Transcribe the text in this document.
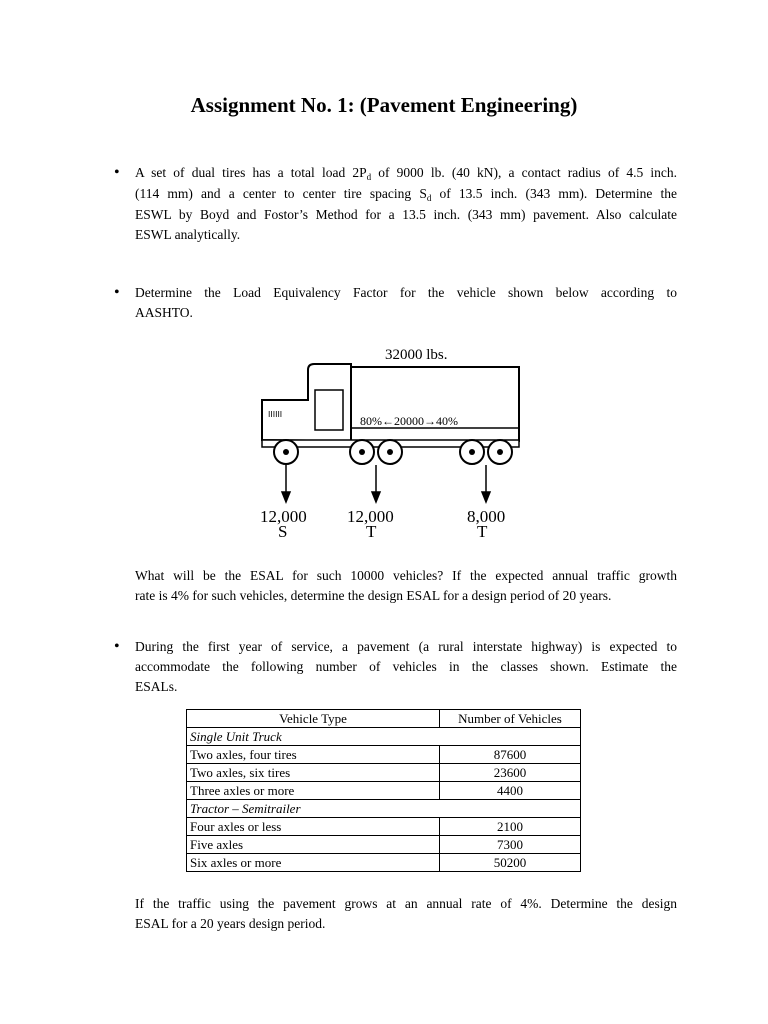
Assignment No. 1: (Pavement Engineering)
• A set of dual tires has a total load $2P_d$ of 9000 lb. (40 kN), a contact radius of 4.5 inch.
(114 mm) and a center to center tire spacing $S_d$ of 13.5 inch. (343 mm). Determine the
ESWL by Boyd and Fostor’s Method for a 13.5 inch. (343 mm) pavement. Also calculate
ESWL analytically.
• Determine the Load Equivalency Factor for the vehicle shown below according to
AASHTO.
IIIIII	80%←20000→40%
32000 lbs.
12,000
S
12,000
T
8,000
T
What will be the ESAL for such 10000 vehicles? If the expected annual traffic growth
rate is 4% for such vehicles, determine the design ESAL for a design period of 20 years.
• During the first year of service, a pavement (a rural interstate highway) is expected to
accommodate the following number of vehicles in the classes shown. Estimate the
ESALs.
Vehicle Type	Number of Vehicles
Single Unit Truck	
Two axles, four tires	87600
Two axles, six tires	23600
Three axles or more	4400
Tractor – Semitrailer	
Four axles or less	2100
Five axles	7300
Six axles or more	50200
If the traffic using the pavement grows at an annual rate of 4%. Determine the design
ESAL for a 20 years design period.
